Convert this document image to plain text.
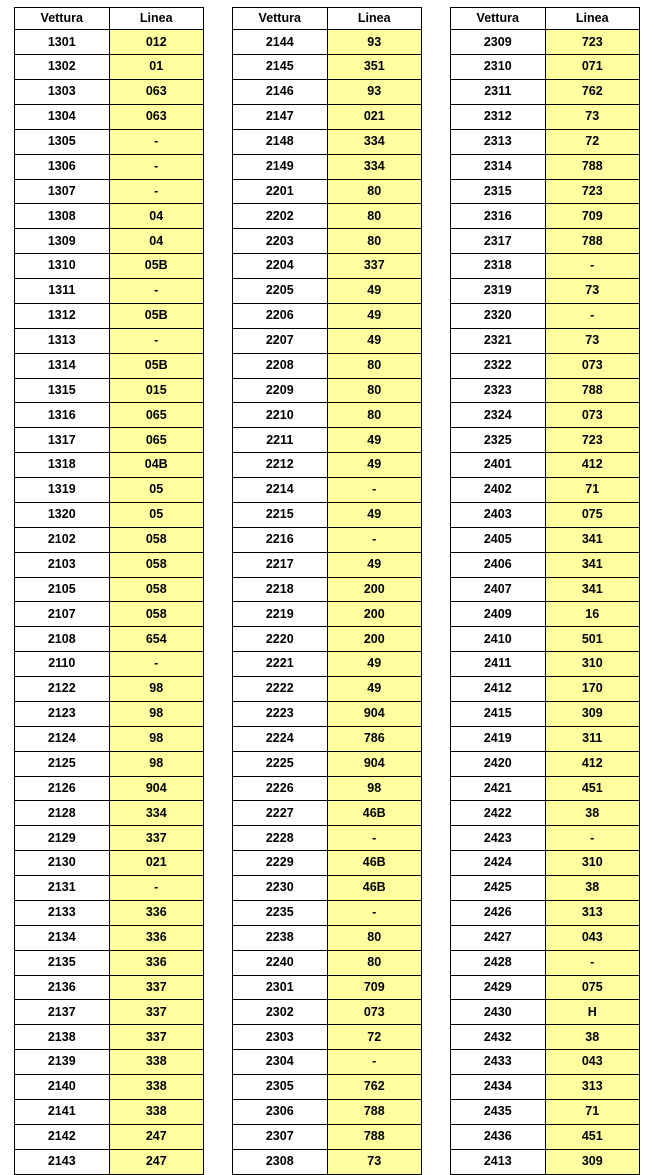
Vettura	Linea
1301	012
1302	01
1303	063
1304	063
1305	-
1306	-
1307	-
1308	04
1309	04
1310	05B
1311	-
1312	05B
1313	-
1314	05B
1315	015
1316	065
1317	065
1318	04B
1319	05
1320	05
2102	058
2103	058
2105	058
2107	058
2108	654
2110	-
2122	98
2123	98
2124	98
2125	98
2126	904
2128	334
2129	337
2130	021
2131	-
2133	336
2134	336
2135	336
2136	337
2137	337
2138	337
2139	338
2140	338
2141	338
2142	247
2143	247
Vettura	Linea
2144	93
2145	351
2146	93
2147	021
2148	334
2149	334
2201	80
2202	80
2203	80
2204	337
2205	49
2206	49
2207	49
2208	80
2209	80
2210	80
2211	49
2212	49
2214	-
2215	49
2216	-
2217	49
2218	200
2219	200
2220	200
2221	49
2222	49
2223	904
2224	786
2225	904
2226	98
2227	46B
2228	-
2229	46B
2230	46B
2235	-
2238	80
2240	80
2301	709
2302	073
2303	72
2304	-
2305	762
2306	788
2307	788
2308	73
Vettura	Linea
2309	723
2310	071
2311	762
2312	73
2313	72
2314	788
2315	723
2316	709
2317	788
2318	-
2319	73
2320	-
2321	73
2322	073
2323	788
2324	073
2325	723
2401	412
2402	71
2403	075
2405	341
2406	341
2407	341
2409	16
2410	501
2411	310
2412	170
2415	309
2419	311
2420	412
2421	451
2422	38
2423	-
2424	310
2425	38
2426	313
2427	043
2428	-
2429	075
2430	H
2432	38
2433	043
2434	313
2435	71
2436	451
2413	309
